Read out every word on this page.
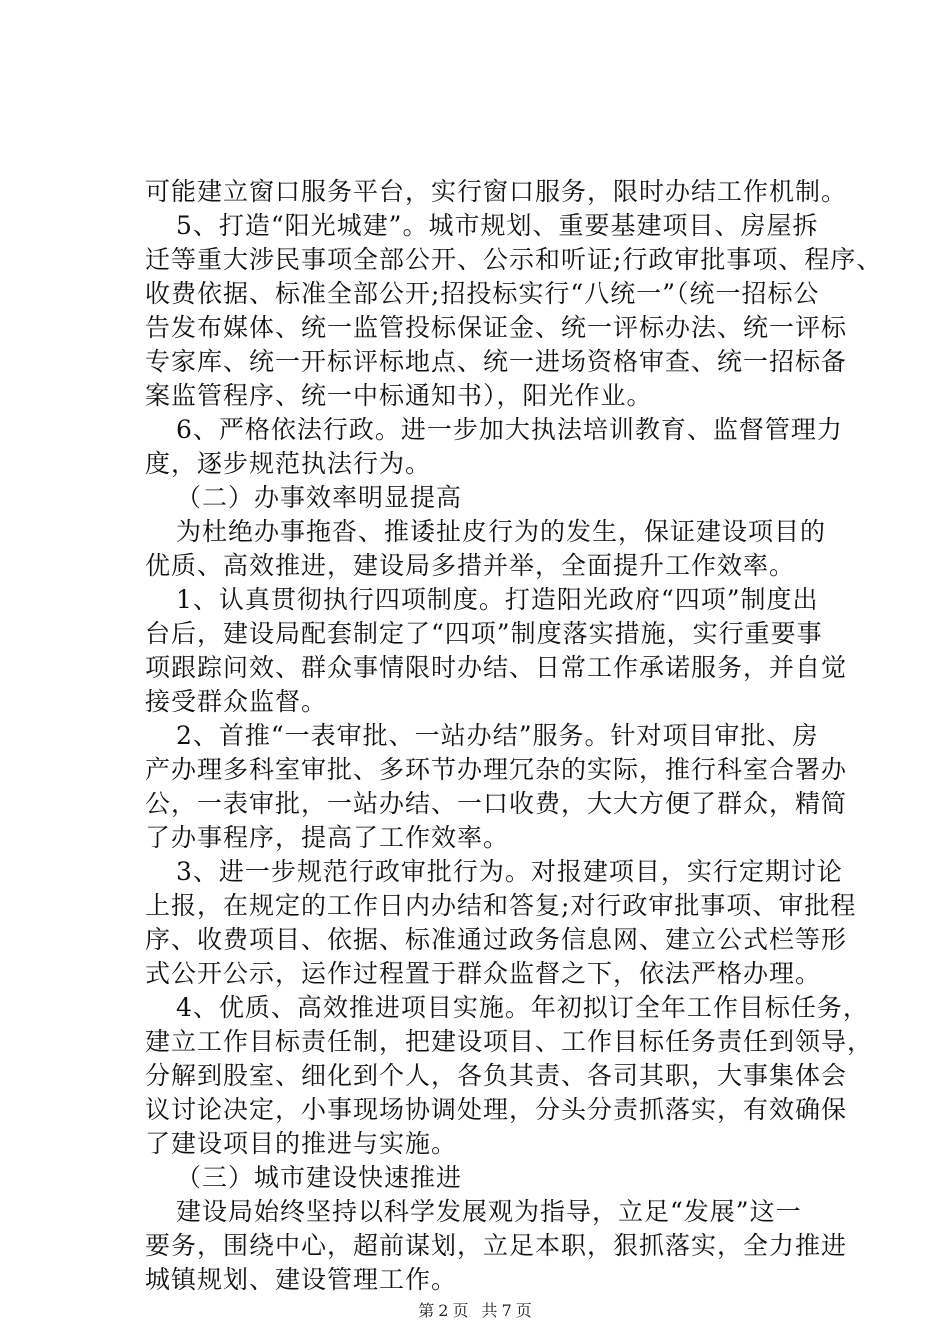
可能建立窗口服务平台，实行窗口服务，限时办结工作机制。
5、打造“阳光城建”。城市规划、重要基建项目、房屋拆
迁等重大涉民事项全部公开、公示和听证;行政审批事项、程序、
收费依据、标准全部公开;招投标实行“八统一”（统一招标公
告发布媒体、统一监管投标保证金、统一评标办法、统一评标
专家库、统一开标评标地点、统一进场资格审查、统一招标备
案监管程序、统一中标通知书），阳光作业。
6、严格依法行政。进一步加大执法培训教育、监督管理力
度，逐步规范执法行为。
（二）办事效率明显提高
为杜绝办事拖沓、推诿扯皮行为的发生，保证建设项目的
优质、高效推进，建设局多措并举，全面提升工作效率。
1、认真贯彻执行四项制度。打造阳光政府“四项”制度出
台后，建设局配套制定了“四项”制度落实措施，实行重要事
项跟踪问效、群众事情限时办结、日常工作承诺服务，并自觉
接受群众监督。
2、首推“一表审批、一站办结”服务。针对项目审批、房
产办理多科室审批、多环节办理冗杂的实际，推行科室合署办
公，一表审批，一站办结、一口收费，大大方便了群众，精简
了办事程序，提高了工作效率。
3、进一步规范行政审批行为。对报建项目，实行定期讨论
上报，在规定的工作日内办结和答复;对行政审批事项、审批程
序、收费项目、依据、标准通过政务信息网、建立公式栏等形
式公开公示，运作过程置于群众监督之下，依法严格办理。
4、优质、高效推进项目实施。年初拟订全年工作目标任务，
建立工作目标责任制，把建设项目、工作目标任务责任到领导，
分解到股室、细化到个人，各负其责、各司其职，大事集体会
议讨论决定，小事现场协调处理，分头分责抓落实，有效确保
了建设项目的推进与实施。
（三）城市建设快速推进
建设局始终坚持以科学发展观为指导，立足“发展”这一
要务，围绕中心，超前谋划，立足本职，狠抓落实，全力推进
城镇规划、建设管理工作。
第 2 页 共 7 页
